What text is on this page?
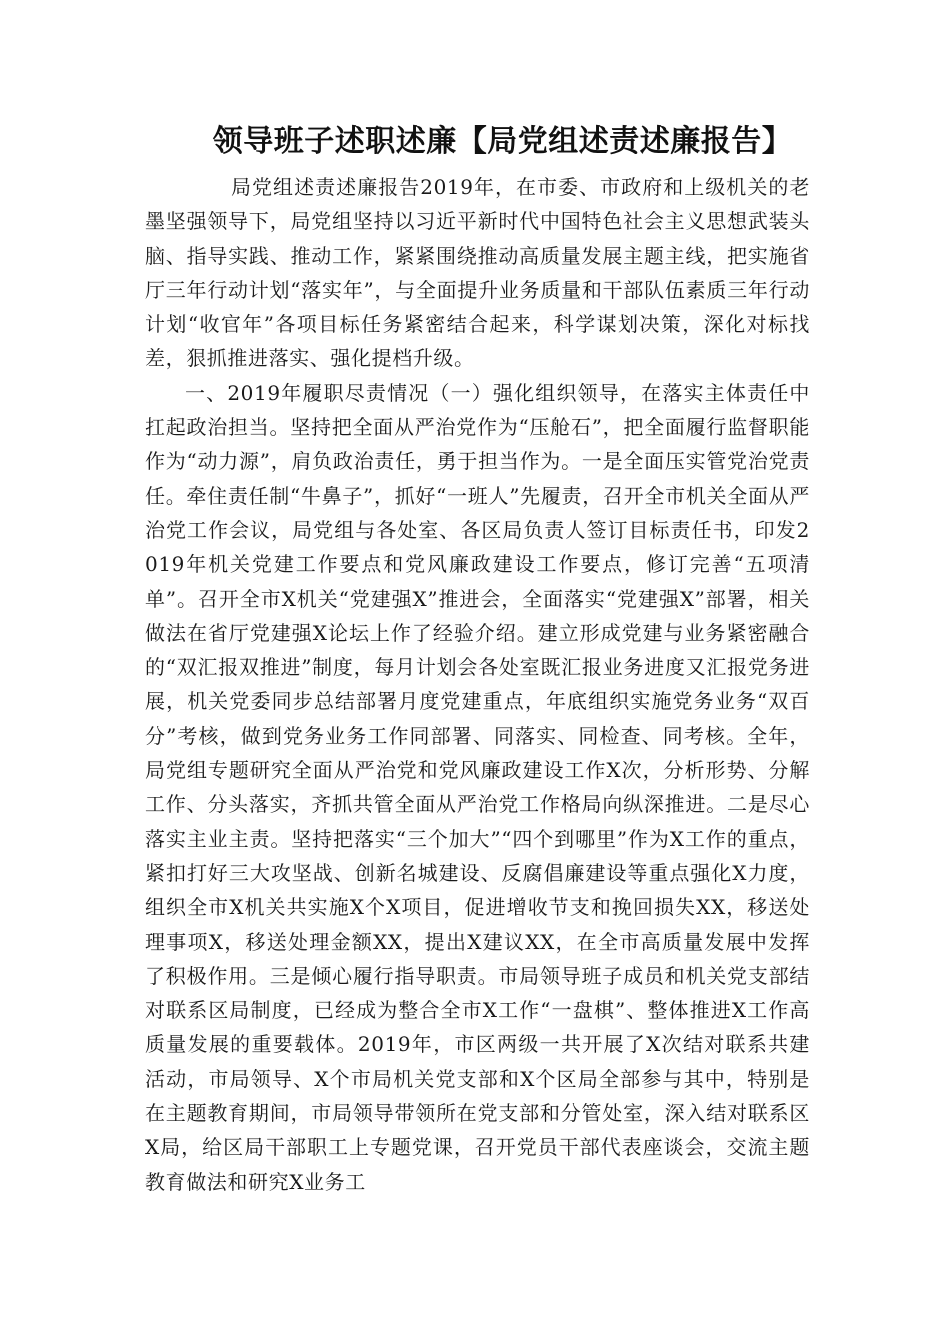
领导班子述职述廉【局党组述责述廉报告】

局党组述责述廉报告2019年，在市委、市政府和上级机关的老墨坚强领导下，局党组坚持以习近平新时代中国特色社会主义思想武装头脑、指导实践、推动工作，紧紧围绕推动高质量发展主题主线，把实施省厅三年行动计划“落实年”，与全面提升业务质量和干部队伍素质三年行动计划“收官年”各项目标任务紧密结合起来，科学谋划决策，深化对标找差，狠抓推进落实、强化提档升级。

一、2019年履职尽责情况（一）强化组织领导，在落实主体责任中扛起政治担当。坚持把全面从严治党作为“压舱石”，把全面履行监督职能作为“动力源”，肩负政治责任，勇于担当作为。一是全面压实管党治党责任。牵住责任制“牛鼻子”，抓好“一班人”先履责，召开全市机关全面从严治党工作会议，局党组与各处室、各区局负责人签订目标责任书，印发2019年机关党建工作要点和党风廉政建设工作要点，修订完善“五项清单”。召开全市X机关“党建强X”推进会，全面落实“党建强X”部署，相关做法在省厅党建强X论坛上作了经验介绍。建立形成党建与业务紧密融合的“双汇报双推进”制度，每月计划会各处室既汇报业务进度又汇报党务进展，机关党委同步总结部署月度党建重点，年底组织实施党务业务“双百分”考核，做到党务业务工作同部署、同落实、同检查、同考核。全年，局党组专题研究全面从严治党和党风廉政建设工作X次，分析形势、分解工作、分头落实，齐抓共管全面从严治党工作格局向纵深推进。二是尽心落实主业主责。坚持把落实“三个加大”“四个到哪里”作为X工作的重点，紧扣打好三大攻坚战、创新名城建设、反腐倡廉建设等重点强化X力度，组织全市X机关共实施X个X项目，促进增收节支和挽回损失XX，移送处理事项X，移送处理金额XX，提出X建议XX，在全市高质量发展中发挥了积极作用。三是倾心履行指导职责。市局领导班子成员和机关党支部结对联系区局制度，已经成为整合全市X工作“一盘棋”、整体推进X工作高质量发展的重要载体。2019年，市区两级一共开展了X次结对联系共建活动，市局领导、X个市局机关党支部和X个区局全部参与其中，特别是在主题教育期间，市局领导带领所在党支部和分管处室，深入结对联系区X局，给区局干部职工上专题党课，召开党员干部代表座谈会，交流主题教育做法和研究X业务工
